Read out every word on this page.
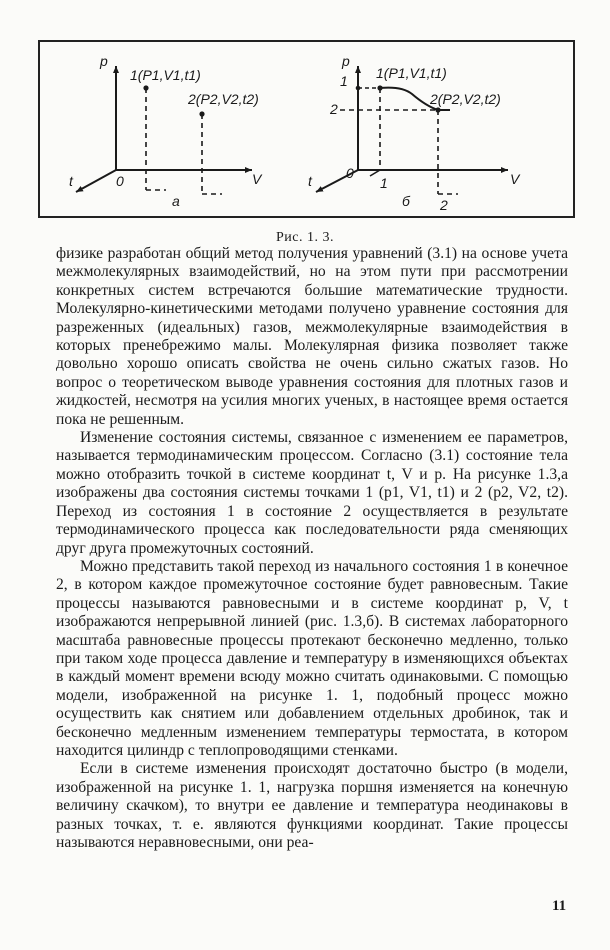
p
V
t	0
1(P1,V1,t1)
2(P2,V2,t2)
а
p
V
t 0
1(P1,V1,t1)
2(P2,V2,t2)
1
2
1
2
б
Рис. 1. 3.

физике разработан общий метод получения уравнений (3.1) на основе учета межмолекулярных взаимодействий, но на этом пути при рассмотрении конкретных систем встречаются большие математические трудности. Молекулярно-кинетическими методами получено уравнение состояния для разреженных (идеальных) газов, межмолекулярные взаимодействия в которых пренебрежимо малы. Молекулярная физика позволяет также довольно хорошо описать свойства не очень сильно сжатых газов. Но вопрос о теоретическом выводе уравнения состояния для плотных газов и жидкостей, несмотря на усилия многих ученых, в настоящее время остается пока не решенным.

Изменение состояния системы, связанное с изменением ее параметров, называется термодинамическим процессом. Согласно (3.1) состояние тела можно отобразить точкой в системе координат t, V и p. На рисунке 1.3,а изображены два состояния системы точками 1 (p1, V1, t1) и 2 (p2, V2, t2). Переход из состояния 1 в состояние 2 осуществляется в результате термодинамического процесса как последовательности ряда сменяющих друг друга промежуточных состояний.

Можно представить такой переход из начального состояния 1 в конечное 2, в котором каждое промежуточное состояние будет равновесным. Такие процессы называются равновесными и в системе координат p, V, t изображаются непрерывной линией (рис. 1.3,б). В системах лабораторного масштаба равновесные процессы протекают бесконечно медленно, только при таком ходе процесса давление и температуру в изменяющихся объектах в каждый момент времени всюду можно считать одинаковыми. С помощью модели, изображенной на рисунке 1. 1, подобный процесс можно осуществить как снятием или добавлением отдельных дробинок, так и бесконечно медленным изменением температуры термостата, в котором находится цилиндр с теплопроводящими стенками.

Если в системе изменения происходят достаточно быстро (в модели, изображенной на рисунке 1. 1, нагрузка поршня изменяется на конечную величину скачком), то внутри ее давление и температура неодинаковы в разных точках, т. е. являются функциями координат. Такие процессы называются неравновесными, они реа-

11
